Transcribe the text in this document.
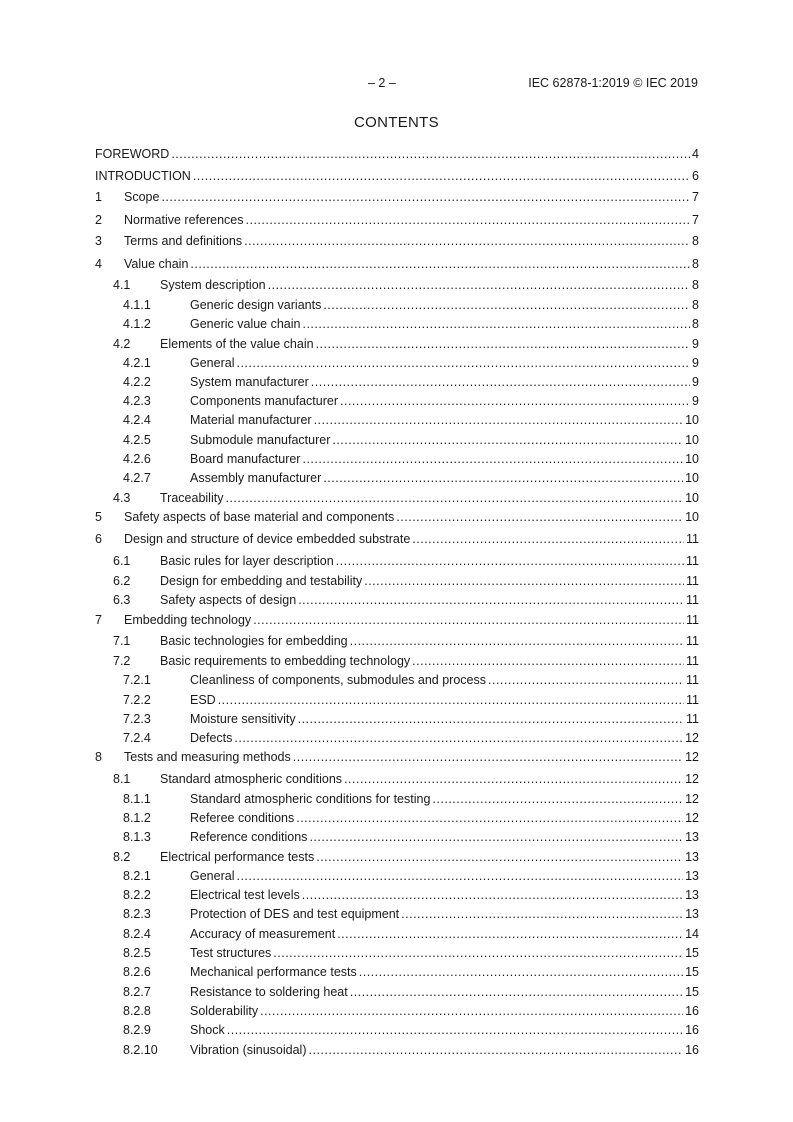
– 2 –	IEC 62878-1:2019 © IEC 2019
CONTENTS
FOREWORD .....	4
INTRODUCTION .....	6
1 Scope .....	7
2 Normative references .....	7
3 Terms and definitions .....	8
4 Value chain .....	8
4.1 System description .....	8
4.1.1	Generic design variants .....	8
4.1.2	Generic value chain .....	8
4.2 Elements of the value chain .....	9
4.2.1	General .....	9
4.2.2	System manufacturer .....	9
4.2.3	Components manufacturer .....	9
4.2.4	Material manufacturer .....	10
4.2.5	Submodule manufacturer .....	10
4.2.6	Board manufacturer .....	10
4.2.7	Assembly manufacturer .....	10
4.3 Traceability .....	10
5 Safety aspects of base material and components .....	10
6 Design and structure of device embedded substrate .....	11
6.1 Basic rules for layer description .....	11
6.2 Design for embedding and testability .....	11
6.3 Safety aspects of design .....	11
7 Embedding technology .....	11
7.1 Basic technologies for embedding .....	11
7.2 Basic requirements to embedding technology .....	11
7.2.1	Cleanliness of components, submodules and process .....	11
7.2.2	ESD .....	11
7.2.3	Moisture sensitivity .....	11
7.2.4	Defects .....	12
8 Tests and measuring methods .....	12
8.1 Standard atmospheric conditions .....	12
8.1.1	Standard atmospheric conditions for testing .....	12
8.1.2	Referee conditions .....	12
8.1.3	Reference conditions .....	13
8.2 Electrical performance tests .....	13
8.2.1	General .....	13
8.2.2	Electrical test levels .....	13
8.2.3	Protection of DES and test equipment .....	13
8.2.4	Accuracy of measurement .....	14
8.2.5	Test structures .....	15
8.2.6	Mechanical performance tests .....	15
8.2.7	Resistance to soldering heat .....	15
8.2.8	Solderability .....	16
8.2.9	Shock .....	16
8.2.10	Vibration (sinusoidal) .....	16
